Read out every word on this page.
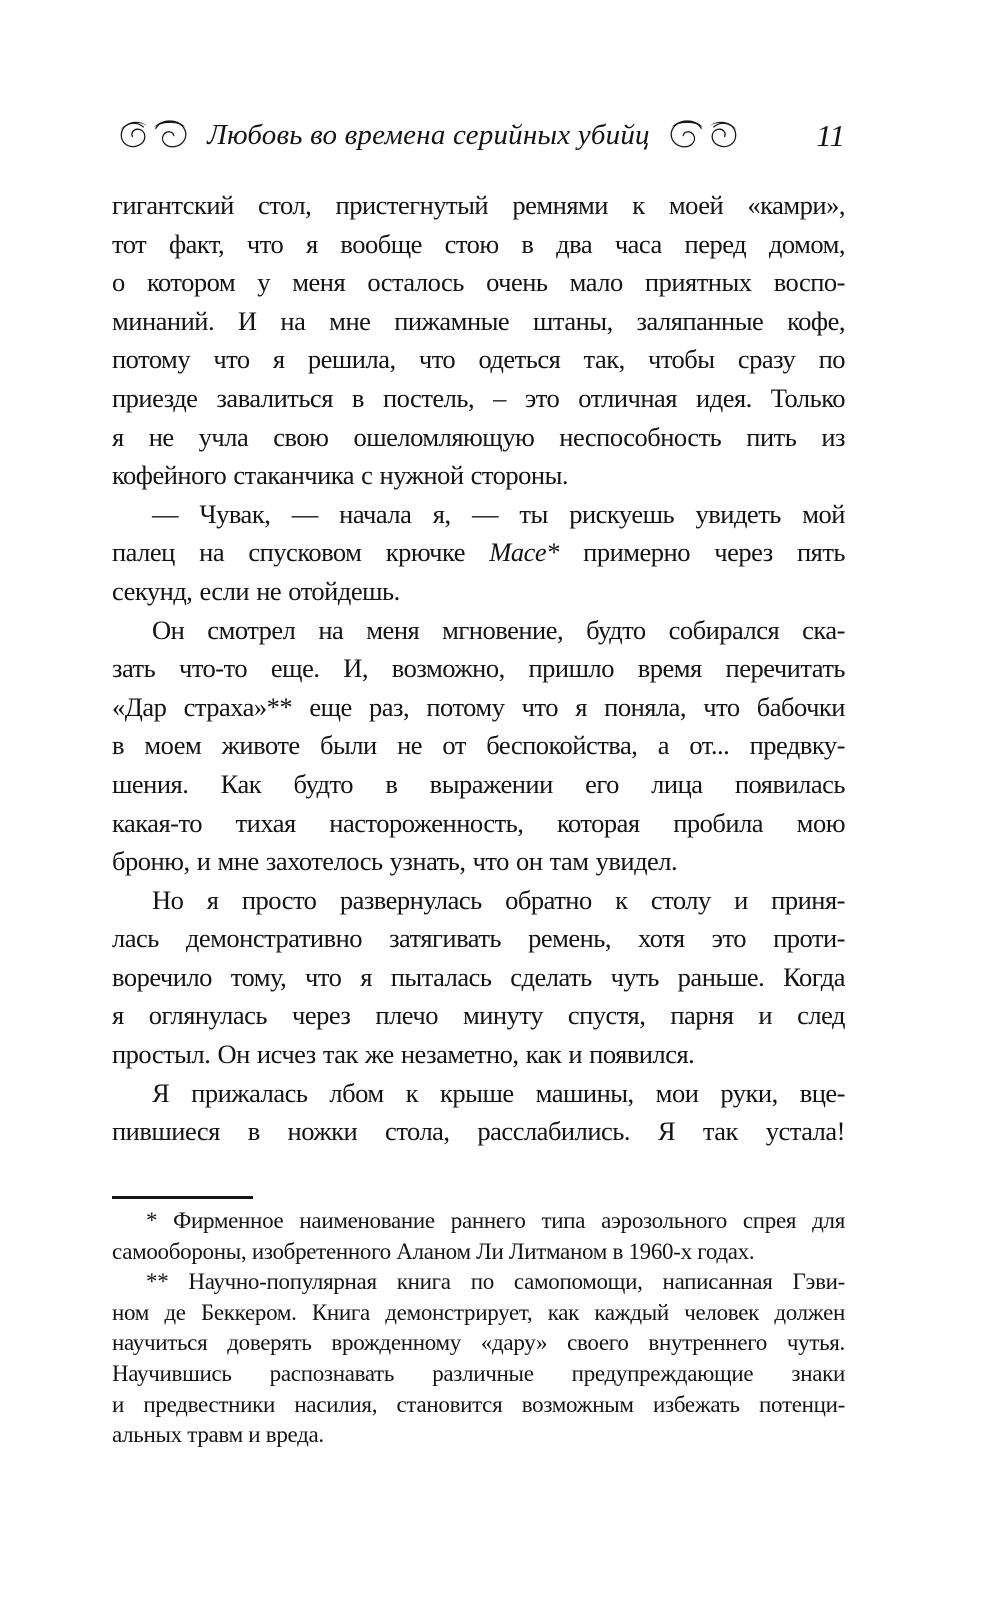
Любовь во времена серийных убийц	11
гигантский стол, пристегнутый ремнями к моей «камри»,
тот факт, что я вообще стою в два часа перед домом,
о котором у меня осталось очень мало приятных воспо-
минаний. И на мне пижамные штаны, заляпанные кофе,
потому что я решила, что одеться так, чтобы сразу по
приезде завалиться в постель, – это отличная идея. Только
я не учла свою ошеломляющую неспособность пить из
кофейного стаканчика с нужной стороны.
— Чувак, — начала я, — ты рискуешь увидеть мой
палец на спусковом крючке Mace* примерно через пять
секунд, если не отойдешь.
Он смотрел на меня мгновение, будто собирался ска-
зать что-то еще. И, возможно, пришло время перечитать
«Дар страха»** еще раз, потому что я поняла, что бабочки
в моем животе были не от беспокойства, а от... предвку-
шения. Как будто в выражении его лица появилась
какая-то тихая настороженность, которая пробила мою
броню, и мне захотелось узнать, что он там увидел.
Но я просто развернулась обратно к столу и приня-
лась демонстративно затягивать ремень, хотя это проти-
воречило тому, что я пыталась сделать чуть раньше. Когда
я оглянулась через плечо минуту спустя, парня и след
простыл. Он исчез так же незаметно, как и появился.
Я прижалась лбом к крыше машины, мои руки, вце-
пившиеся в ножки стола, расслабились. Я так устала!
* Фирменное наименование раннего типа аэрозольного спрея для
самообороны, изобретенного Аланом Ли Литманом в 1960-х годах.
** Научно-популярная книга по самопомощи, написанная Гэви-
ном де Беккером. Книга демонстрирует, как каждый человек должен
научиться доверять врожденному «дару» своего внутреннего чутья.
Научившись распознавать различные предупреждающие знаки
и предвестники насилия, становится возможным избежать потенци-
альных травм и вреда.
